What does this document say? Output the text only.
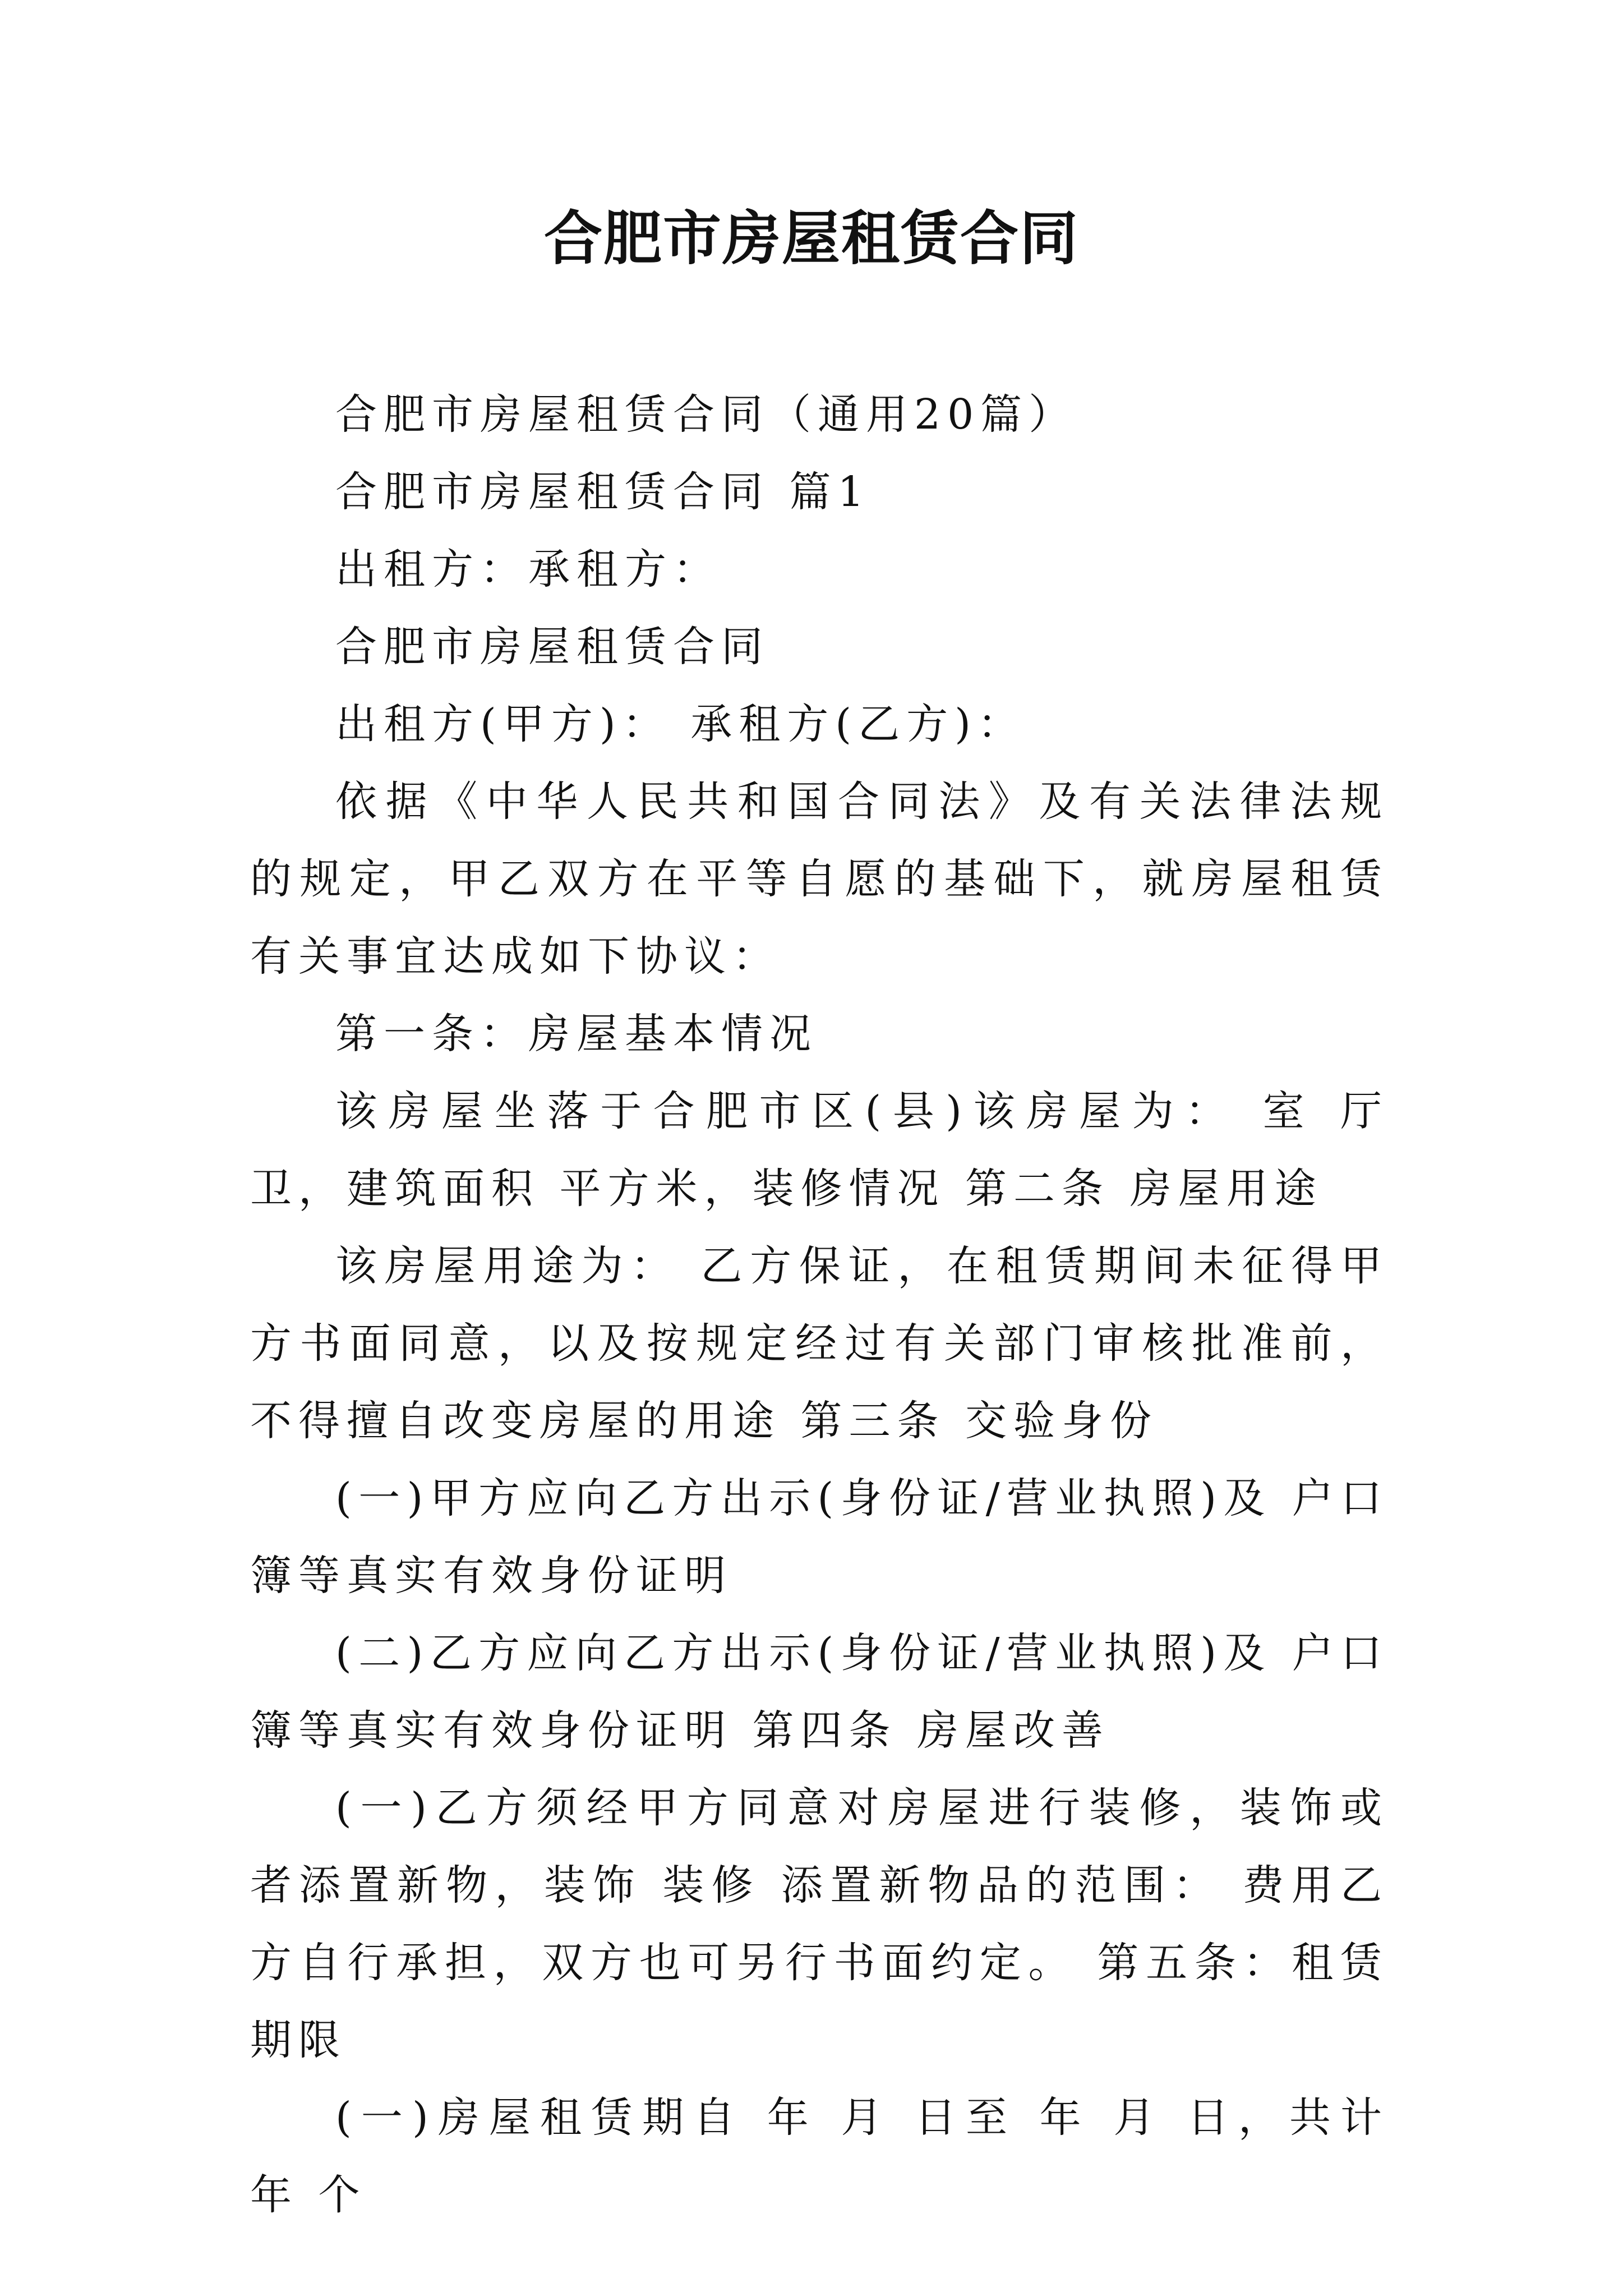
合肥市房屋租赁合同

合肥市房屋租赁合同（通用20篇）

合肥市房屋租赁合同 篇1

出租方：承租方：

合肥市房屋租赁合同

出租方(甲方)： 承租方(乙方)：

依据《中华人民共和国合同法》及有关法律法规的规定，甲乙双方在平等自愿的基础下，就房屋租赁有关事宜达成如下协议：

第一条：房屋基本情况

该房屋坐落于合肥市区(县)该房屋为： 室 厅 卫，建筑面积 平方米，装修情况 第二条 房屋用途

该房屋用途为： 乙方保证，在租赁期间未征得甲方书面同意，以及按规定经过有关部门审核批准前，不得擅自改变房屋的用途 第三条 交验身份

(一)甲方应向乙方出示(身份证/营业执照)及 户口簿等真实有效身份证明

(二)乙方应向乙方出示(身份证/营业执照)及 户口簿等真实有效身份证明 第四条 房屋改善

(一)乙方须经甲方同意对房屋进行装修，装饰或者添置新物，装饰 装修 添置新物品的范围： 费用乙方自行承担，双方也可另行书面约定。 第五条：租赁期限

(一)房屋租赁期自 年 月 日至 年 月 日，共计 年 个
